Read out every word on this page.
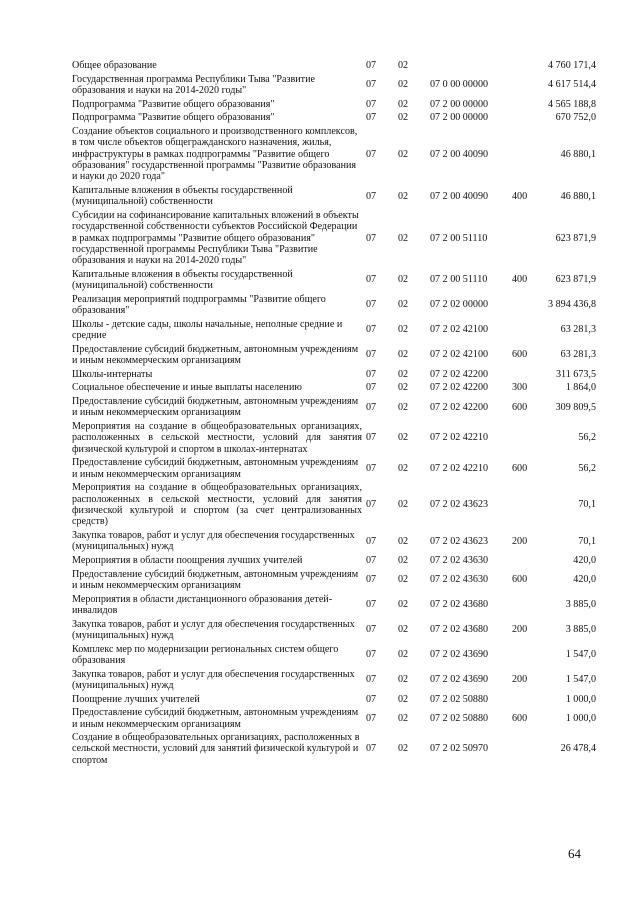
Общее образование	07	02			4 760 171,4
Государственная программа Республики Тыва "Развитие образования и науки на 2014-2020 годы"	07	02	07 0 00 00000		4 617 514,4
Подпрограмма "Развитие общего образования"	07	02	07 2 00 00000		4 565 188,8
Подпрограмма "Развитие общего образования"	07	02	07 2 00 00000		670 752,0
Создание объектов социального и производственного комплексов, в том числе объектов общегражданского назначения, жилья, инфраструктуры в рамках подпрограммы "Развитие общего образования" государственной программы "Развитие образования и науки до 2020 года"	07	02	07 2 00 40090		46 880,1
Капитальные вложения в объекты государственной (муниципальной) собственности	07	02	07 2 00 40090	400	46 880,1
Субсидии на софинансирование капитальных вложений в объекты государственной собственности субъектов Российской Федерации в рамках подпрограммы "Развитие общего образования" государственной программы Республики Тыва "Развитие образования и науки на 2014-2020 годы"	07	02	07 2 00 51110		623 871,9
Капитальные вложения в объекты государственной (муниципальной) собственности	07	02	07 2 00 51110	400	623 871,9
Реализация мероприятий подпрограммы "Развитие общего образования"	07	02	07 2 02 00000		3 894 436,8
Школы - детские сады, школы начальные, неполные средние и средние	07	02	07 2 02 42100		63 281,3
Предоставление субсидий бюджетным, автономным учреждениям и иным некоммерческим организациям	07	02	07 2 02 42100	600	63 281,3
Школы-интернаты	07	02	07 2 02 42200		311 673,5
Социальное обеспечение и иные выплаты населению	07	02	07 2 02 42200	300	1 864,0
Предоставление субсидий бюджетным, автономным учреждениям и иным некоммерческим организациям	07	02	07 2 02 42200	600	309 809,5
Мероприятия на создание в общеобразовательных организациях, расположенных в сельской местности, условий для занятия физической культурой и спортом в школах-интернатах	07	02	07 2 02 42210		56,2
Предоставление субсидий бюджетным, автономным учреждениям и иным некоммерческим организациям	07	02	07 2 02 42210	600	56,2
Мероприятия на создание в общеобразовательных организациях, расположенных в сельской местности, условий для занятия физической культурой и спортом (за счет централизованных средств)	07	02	07 2 02 43623		70,1
Закупка товаров, работ и услуг для обеспечения государственных (муниципальных) нужд	07	02	07 2 02 43623	200	70,1
Мероприятия в области поощрения лучших учителей	07	02	07 2 02 43630		420,0
Предоставление субсидий бюджетным, автономным учреждениям и иным некоммерческим организациям	07	02	07 2 02 43630	600	420,0
Мероприятия в области дистанционного образования детей-инвалидов	07	02	07 2 02 43680		3 885,0
Закупка товаров, работ и услуг для обеспечения государственных (муниципальных) нужд	07	02	07 2 02 43680	200	3 885,0
Комплекс мер по модернизации региональных систем общего образования	07	02	07 2 02 43690		1 547,0
Закупка товаров, работ и услуг для обеспечения государственных (муниципальных) нужд	07	02	07 2 02 43690	200	1 547,0
Поощрение лучших учителей	07	02	07 2 02 50880		1 000,0
Предоставление субсидий бюджетным, автономным учреждениям и иным некоммерческим организациям	07	02	07 2 02 50880	600	1 000,0
Создание в общеобразовательных организациях, расположенных в сельской местности, условий для занятий физической культурой и спортом	07	02	07 2 02 50970		26 478,4
64
